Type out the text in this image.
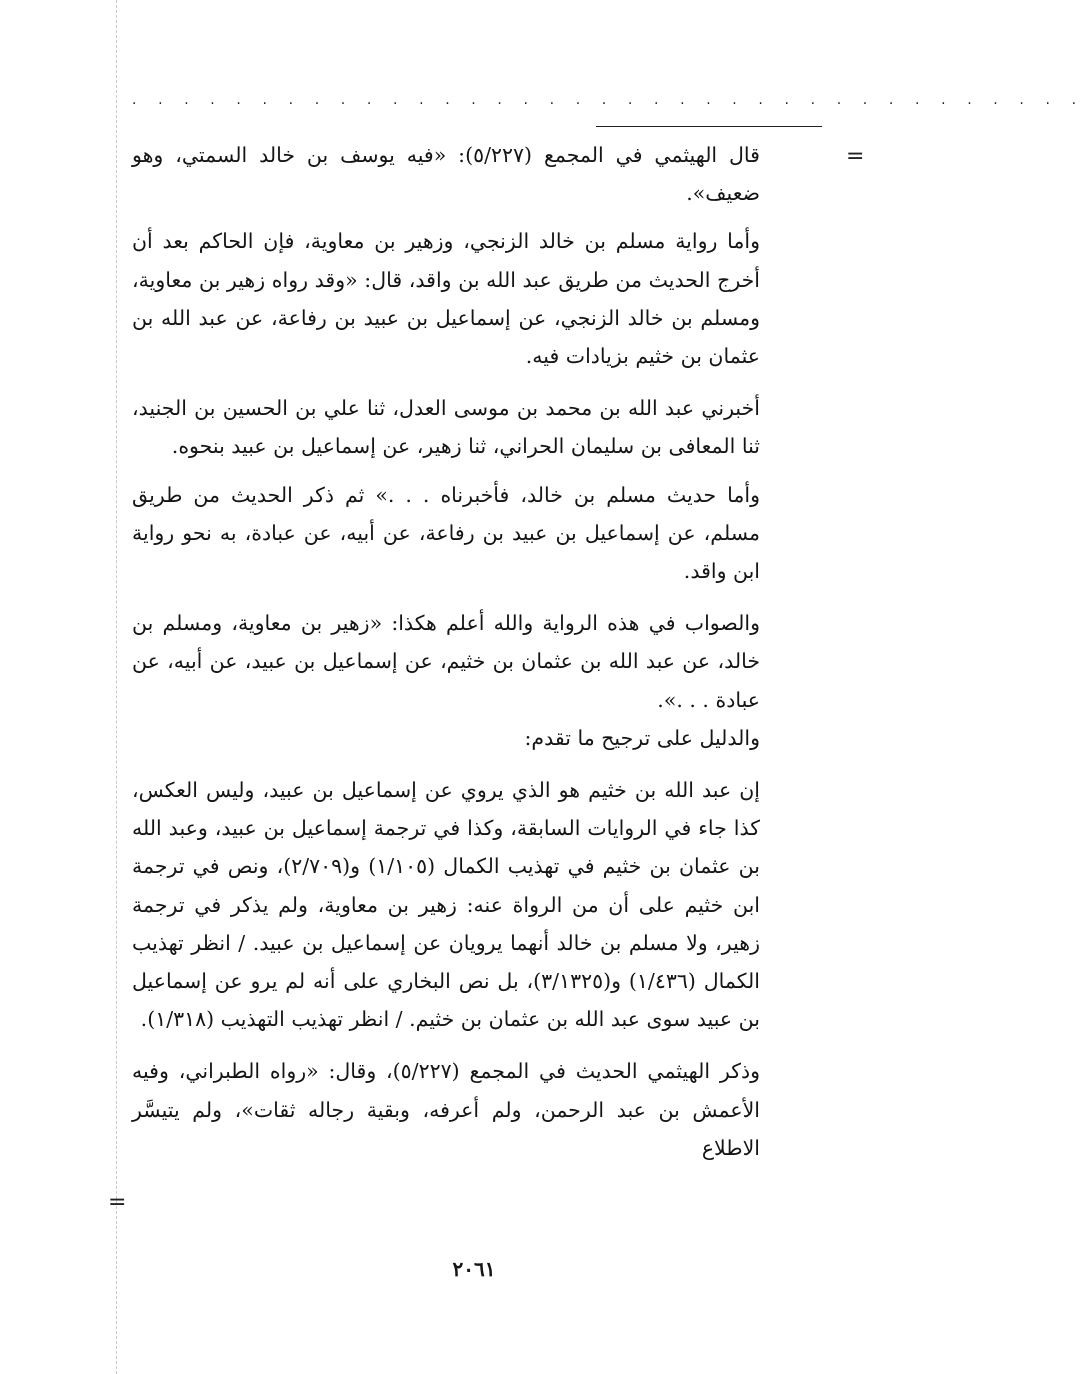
. . . . . . . . . . . . . . . . . . . . . . . . . . . . . . . . . . . . .
=
=

قال الهيثمي في المجمع (٥/٢٢٧): «فيه يوسف بن خالد السمتي، وهو ضعيف».

وأما رواية مسلم بن خالد الزنجي، وزهير بن معاوية، فإن الحاكم بعد أن أخرج الحديث من طريق عبد الله بن واقد، قال: «وقد رواه زهير بن معاوية، ومسلم بن خالد الزنجي، عن إسماعيل بن عبيد بن رفاعة، عن عبد الله بن عثمان بن خثيم بزيادات فيه.

أخبرني عبد الله بن محمد بن موسى العدل، ثنا علي بن الحسين بن الجنيد، ثنا المعافى بن سليمان الحراني، ثنا زهير، عن إسماعيل بن عبيد بنحوه.

وأما حديث مسلم بن خالد، فأخبرناه . . .» ثم ذكر الحديث من طريق مسلم، عن إسماعيل بن عبيد بن رفاعة، عن أبيه، عن عبادة، به نحو رواية ابن واقد.

والصواب في هذه الرواية والله أعلم هكذا: «زهير بن معاوية، ومسلم بن خالد، عن عبد الله بن عثمان بن خثيم، عن إسماعيل بن عبيد، عن أبيه، عن عبادة . . .».

والدليل على ترجيح ما تقدم:

إن عبد الله بن خثيم هو الذي يروي عن إسماعيل بن عبيد، وليس العكس، كذا جاء في الروايات السابقة، وكذا في ترجمة إسماعيل بن عبيد، وعبد الله بن عثمان بن خثيم في تهذيب الكمال (١/١٠٥) و(٢/٧٠٩)، ونص في ترجمة ابن خثيم على أن من الرواة عنه: زهير بن معاوية، ولم يذكر في ترجمة زهير، ولا مسلم بن خالد أنهما يرويان عن إسماعيل بن عبيد. / انظر تهذيب الكمال (١/٤٣٦) و(٣/١٣٢٥)، بل نص البخاري على أنه لم يرو عن إسماعيل بن عبيد سوى عبد الله بن عثمان بن خثيم. / انظر تهذيب التهذيب (١/٣١٨).

وذكر الهيثمي الحديث في المجمع (٥/٢٢٧)، وقال: «رواه الطبراني، وفيه الأعمش بن عبد الرحمن، ولم أعرفه، وبقية رجاله ثقات»، ولم يتيسَّر الاطلاع

٢٠٦١
